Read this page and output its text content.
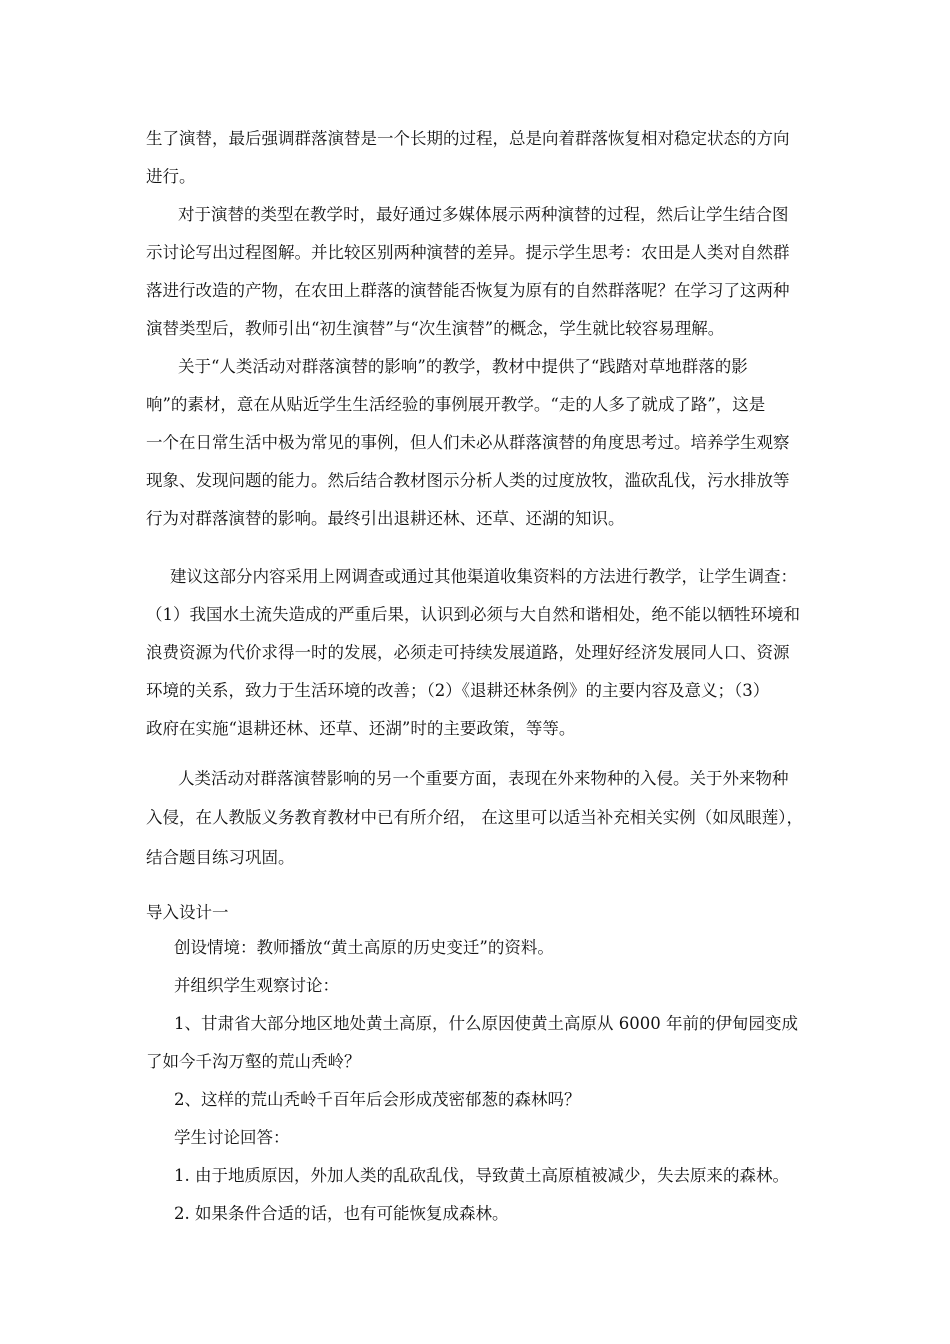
生了演替，最后强调群落演替是一个长期的过程，总是向着群落恢复相对稳定状态的方向

进行。

对于演替的类型在教学时，最好通过多媒体展示两种演替的过程，然后让学生结合图

示讨论写出过程图解。并比较区别两种演替的差异。提示学生思考：农田是人类对自然群

落进行改造的产物，在农田上群落的演替能否恢复为原有的自然群落呢？在学习了这两种

演替类型后，教师引出“初生演替”与“次生演替”的概念，学生就比较容易理解。

关于“人类活动对群落演替的影响”的教学，教材中提供了“践踏对草地群落的影

响”的素材，意在从贴近学生生活经验的事例展开教学。“走的人多了就成了路”，这是

一个在日常生活中极为常见的事例，但人们未必从群落演替的角度思考过。培养学生观察

现象、发现问题的能力。然后结合教材图示分析人类的过度放牧，滥砍乱伐，污水排放等

行为对群落演替的影响。最终引出退耕还林、还草、还湖的知识。

建议这部分内容采用上网调查或通过其他渠道收集资料的方法进行教学，让学生调查：

（1）我国水土流失造成的严重后果，认识到必须与大自然和谐相处，绝不能以牺牲环境和

浪费资源为代价求得一时的发展，必须走可持续发展道路，处理好经济发展同人口、资源

环境的关系，致力于生活环境的改善；（2）《退耕还林条例》的主要内容及意义；（3）

政府在实施“退耕还林、还草、还湖”时的主要政策，等等。

人类活动对群落演替影响的另一个重要方面，表现在外来物种的入侵。关于外来物种

入侵，在人教版义务教育教材中已有所介绍， 在这里可以适当补充相关实例（如凤眼莲），

结合题目练习巩固。

导入设计一

创设情境：教师播放“黄土高原的历史变迁”的资料。

并组织学生观察讨论：

1、甘肃省大部分地区地处黄土高原，什么原因使黄土高原从 6000 年前的伊甸园变成

了如今千沟万壑的荒山秃岭？

2、这样的荒山秃岭千百年后会形成茂密郁葱的森林吗？

学生讨论回答：

1. 由于地质原因，外加人类的乱砍乱伐，导致黄土高原植被减少，失去原来的森林。

2. 如果条件合适的话，也有可能恢复成森林。
